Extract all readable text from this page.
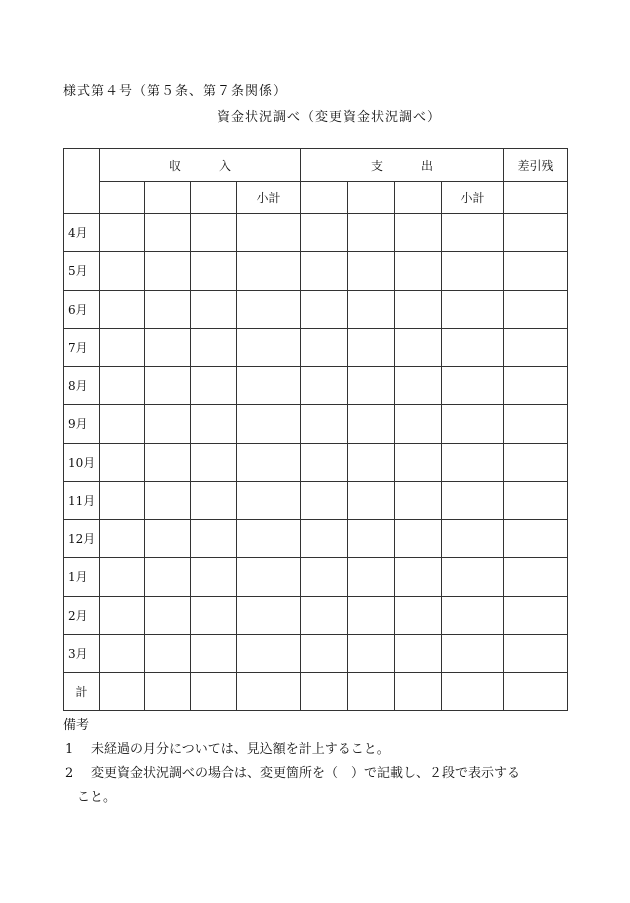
様式第４号（第５条、第７条関係）
資金状況調べ（変更資金状況調べ）
	収入				支出				差引残
				小計				小計	
4月									
5月									
6月									
7月									
8月									
9月									
10月									
11月									
12月									
1月									
2月									
3月									
計									
備考
1	未経過の月分については、見込額を計上すること。
2	変更資金状況調べの場合は、変更箇所を（　）で記載し、２段で表示する
こと。
